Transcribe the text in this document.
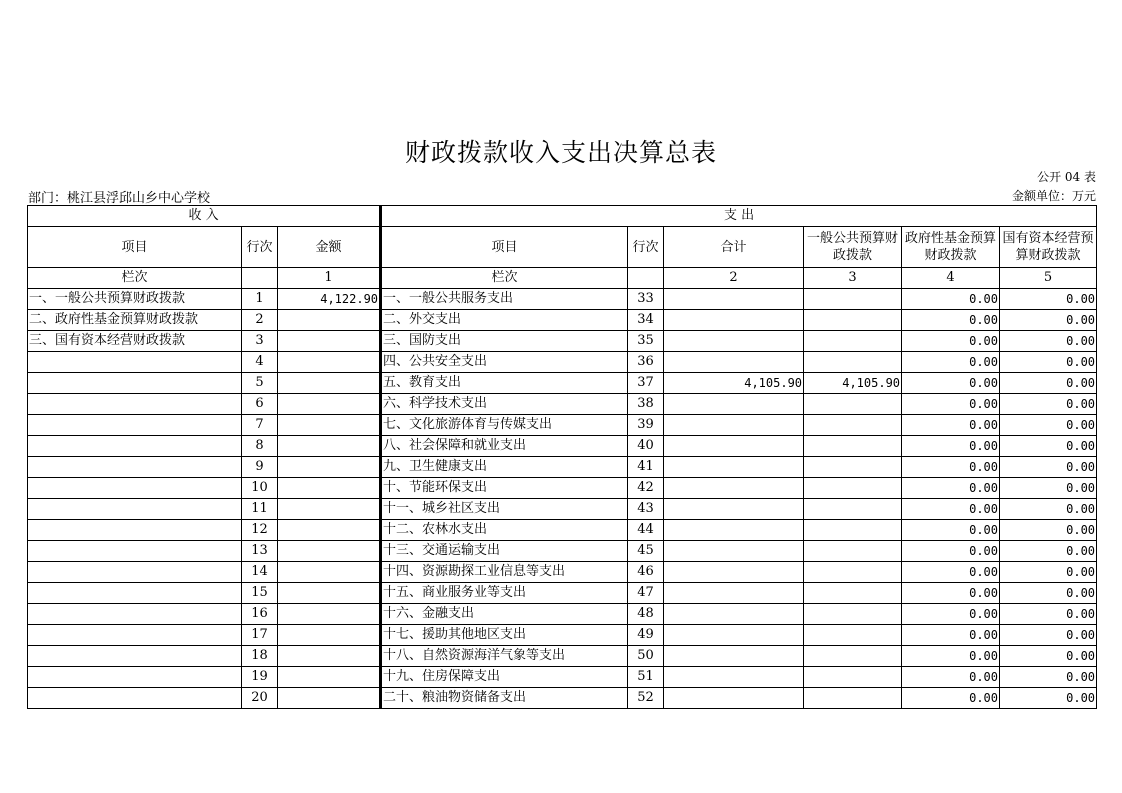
财政拨款收入支出决算总表
公开 04 表
部门：桃江县浮邱山乡中心学校	金额单位：万元
收 入			支 出					
项目	行次	金额	项目	行次	合计	一般公共预算财政拨款	政府性基金预算财政拨款	国有资本经营预算财政拨款
栏次		1	栏次		2	3	4	5
一、一般公共预算财政拨款	1	4,122.90	一、一般公共服务支出	33			0.00	0.00
二、政府性基金预算财政拨款	2		二、外交支出	34			0.00	0.00
三、国有资本经营财政拨款	3		三、国防支出	35			0.00	0.00
	4		四、公共安全支出	36			0.00	0.00
	5		五、教育支出	37	4,105.90	4,105.90	0.00	0.00
	6		六、科学技术支出	38			0.00	0.00
	7		七、文化旅游体育与传媒支出	39			0.00	0.00
	8		八、社会保障和就业支出	40			0.00	0.00
	9		九、卫生健康支出	41			0.00	0.00
	10		十、节能环保支出	42			0.00	0.00
	11		十一、城乡社区支出	43			0.00	0.00
	12		十二、农林水支出	44			0.00	0.00
	13		十三、交通运输支出	45			0.00	0.00
	14		十四、资源勘探工业信息等支出	46			0.00	0.00
	15		十五、商业服务业等支出	47			0.00	0.00
	16		十六、金融支出	48			0.00	0.00
	17		十七、援助其他地区支出	49			0.00	0.00
	18		十八、自然资源海洋气象等支出	50			0.00	0.00
	19		十九、住房保障支出	51			0.00	0.00
	20		二十、粮油物资储备支出	52			0.00	0.00
